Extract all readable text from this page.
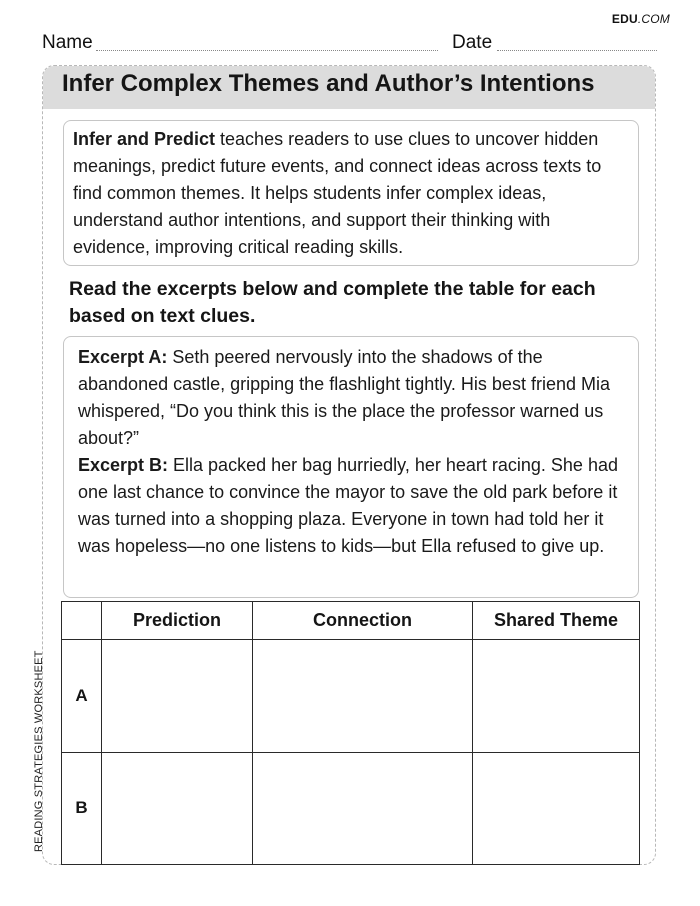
EDU.COM
Name	Date
READING STRATEGIES WORKSHEET
Infer Complex Themes and Author’s Intentions

Infer and Predict teaches readers to use clues to uncover hidden meanings, predict future events, and connect ideas across texts to find common themes. It helps students infer complex ideas, understand author intentions, and support their thinking with evidence, improving critical reading skills.

Read the excerpts below and complete the table for each based on text clues.

Excerpt A: Seth peered nervously into the shadows of the abandoned castle, gripping the flashlight tightly. His best friend Mia whispered, “Do you think this is the place the professor warned us about?”

Excerpt B: Ella packed her bag hurriedly, her heart racing. She had one last chance to convince the mayor to save the old park before it was turned into a shopping plaza. Everyone in town had told her it was hopeless—no one listens to kids—but Ella refused to give up.

	Prediction	Connection	Shared Theme
A			
B			
